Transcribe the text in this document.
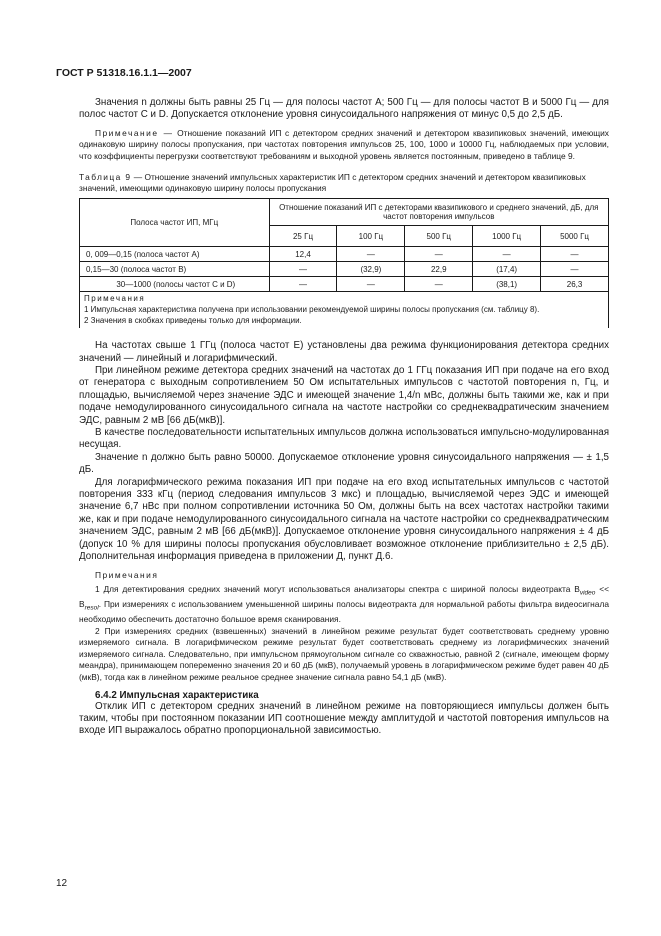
ГОСТ Р 51318.16.1.1—2007

Значения n должны быть равны 25 Гц — для полосы частот A; 500 Гц — для полосы частот B и 5000 Гц — для полос частот C и D. Допускается отклонение уровня синусоидального напряжения от минус 0,5 до 2,5 дБ.

Примечание — Отношение показаний ИП с детектором средних значений и детектором квазипиковых значений, имеющих одинаковую ширину полосы пропускания, при частотах повторения импульсов 25, 100, 1000 и 10000 Гц, наблюдаемых при условии, что коэффициенты перегрузки соответствуют требованиям и выходной уровень является постоянным, приведено в таблице 9.

Таблица 9 — Отношение значений импульсных характеристик ИП с детектором средних значений и детектором квазипиковых значений, имеющими одинаковую ширину полосы пропускания

Полоса частот ИП, МГц	Отношение показаний ИП с детекторами квазипикового и среднего значений, дБ, для частот повторения импульсов				
	25 Гц	100 Гц	500 Гц	1000 Гц	5000 Гц
0, 009—0,15 (полоса частот A)	12,4	—	—	—	—
0,15—30 (полоса частот B)	—	(32,9)	22,9	(17,4)	—
30—1000 (полосы частот C и D)	—	—	—	(38,1)	26,3

Примечания

1 Импульсная характеристика получена при использовании рекомендуемой ширины полосы пропускания (см. таблицу 8).

2 Значения в скобках приведены только для информации.					

На частотах свыше 1 ГГц (полоса частот E) установлены два режима функционирования детектора средних значений — линейный и логарифмический.

При линейном режиме детектора средних значений на частотах до 1 ГГц показания ИП при подаче на его вход от генератора с выходным сопротивлением 50 Ом испытательных импульсов с частотой повторения n, Гц, и площадью, вычисляемой через значение ЭДС и имеющей значение 1,4/n мВс, должны быть такими же, как и при подаче немодулированного синусоидального сигнала на частоте настройки со среднеквадратическим значением ЭДС, равным 2 мВ [66 дБ(мкВ)].

В качестве последовательности испытательных импульсов должна использоваться импульсно-модулированная несущая.

Значение n должно быть равно 50000. Допускаемое отклонение уровня синусоидального напряжения — ± 1,5 дБ.

Для логарифмического режима показания ИП при подаче на его вход испытательных импульсов с частотой повторения 333 кГц (период следования импульсов 3 мкс) и площадью, вычисляемой через ЭДС и имеющей значение 6,7 нВс при полном сопротивлении источника 50 Ом, должны быть на всех частотах настройки такими же, как и при подаче немодулированного синусоидального сигнала на частоте настройки со среднеквадратическим значением ЭДС, равным 2 мВ [66 дБ(мкВ)]. Допускаемое отклонение уровня синусоидального напряжения ± 4 дБ (допуск 10 % для ширины полосы пропускания обусловливает возможное отклонение приблизительно ± 2,5 дБ). Дополнительная информация приведена в приложении Д, пункт Д.6.

Примечания

1 Для детектирования средних значений могут использоваться анализаторы спектра с шириной полосы видеотракта $B_{video} << B_{resol}$. При измерениях с использованием уменьшенной ширины полосы видеотракта для нормальной работы фильтра видеосигнала необходимо обеспечить достаточно большое время сканирования.

2 При измерениях средних (взвешенных) значений в линейном режиме результат будет соответствовать среднему уровню измеряемого сигнала. В логарифмическом режиме результат будет соответствовать среднему из логарифмических значений измеряемого сигнала. Следовательно, при импульсном прямоугольном сигнале со скважностью, равной 2 (сигнале, имеющем форму меандра), принимающем попеременно значения 20 и 60 дБ (мкВ), получаемый уровень в логарифмическом режиме будет равен 40 дБ (мкВ), тогда как в линейном режиме реальное среднее значение сигнала равно 54,1 дБ (мкВ).

6.4.2 Импульсная характеристика

Отклик ИП с детектором средних значений в линейном режиме на повторяющиеся импульсы должен быть таким, чтобы при постоянном показании ИП соотношение между амплитудой и частотой повторения импульсов на входе ИП выражалось обратно пропорциональной зависимостью.

12
